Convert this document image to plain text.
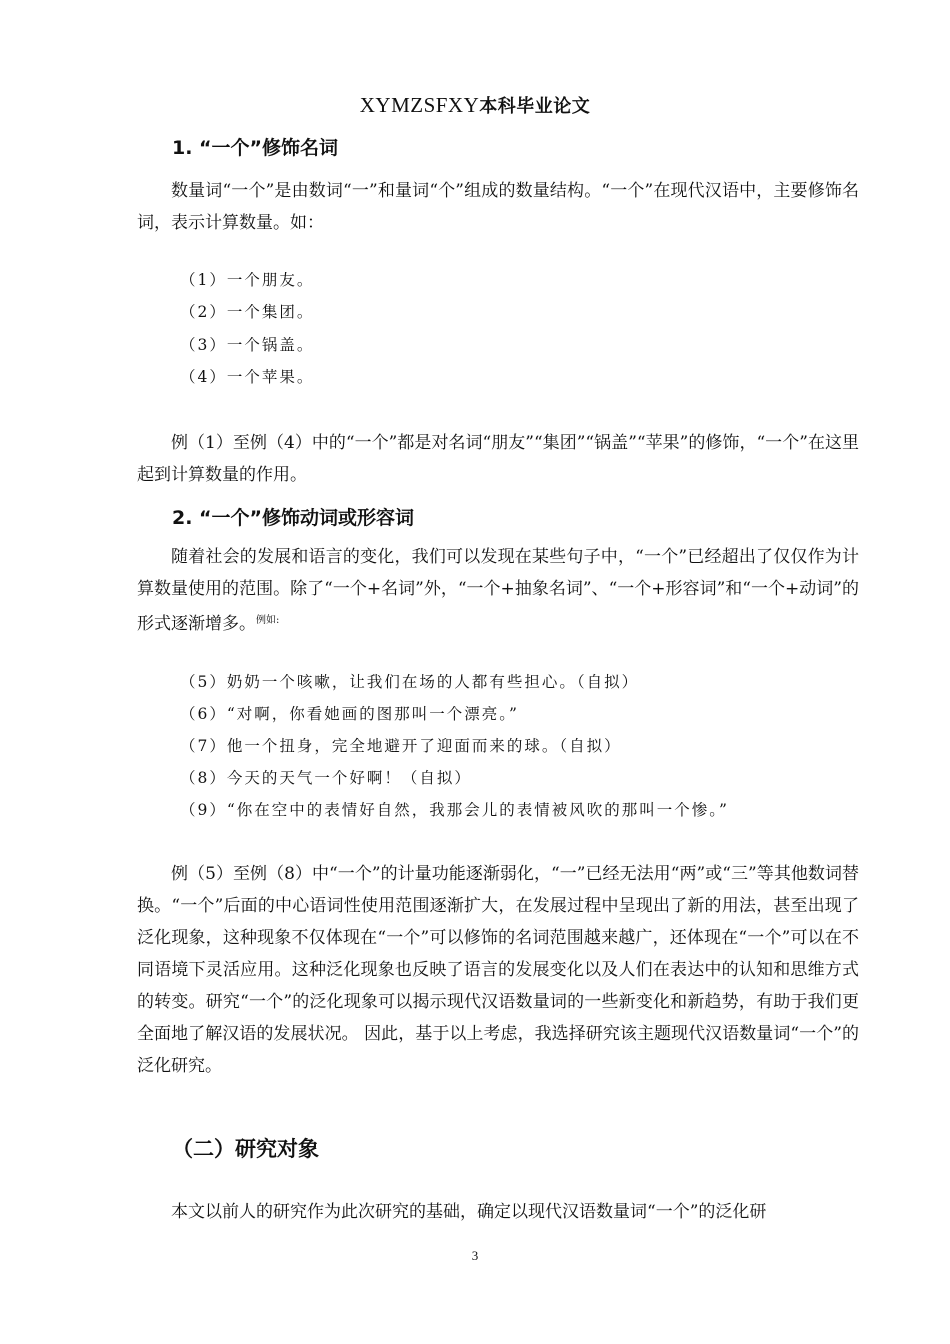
XYMZSFXY本科毕业论文
1. “一个”修饰名词

数量词“一个”是由数词“一”和量词“个”组成的数量结构。“一个”在现代汉语中，主要修饰名词，表示计算数量。如：

（1）一个朋友。
（2）一个集团。
（3）一个锅盖。
（4）一个苹果。

例（1）至例（4）中的“一个”都是对名词“朋友”“集团”“锅盖”“苹果”的修饰，“一个”在这里起到计算数量的作用。

2. “一个”修饰动词或形容词

随着社会的发展和语言的变化，我们可以发现在某些句子中，“一个”已经超出了仅仅作为计算数量使用的范围。除了“一个+名词”外，“一个+抽象名词”、“一个+形容词”和“一个+动词”的形式逐渐增多。$^{例如:}$

（5）奶奶一个咳嗽，让我们在场的人都有些担心。（自拟）
（6）“对啊，你看她画的图那叫一个漂亮。”
（7）他一个扭身，完全地避开了迎面而来的球。（自拟）
（8）今天的天气一个好啊！（自拟）
（9）“你在空中的表情好自然，我那会儿的表情被风吹的那叫一个惨。”

例（5）至例（8）中“一个”的计量功能逐渐弱化，“一”已经无法用“两”或“三”等其他数词替换。“一个”后面的中心语词性使用范围逐渐扩大，在发展过程中呈现出了新的用法，甚至出现了泛化现象，这种现象不仅体现在“一个”可以修饰的名词范围越来越广，还体现在“一个”可以在不同语境下灵活应用。这种泛化现象也反映了语言的发展变化以及人们在表达中的认知和思维方式的转变。研究“一个”的泛化现象可以揭示现代汉语数量词的一些新变化和新趋势，有助于我们更全面地了解汉语的发展状况。 因此，基于以上考虑，我选择研究该主题现代汉语数量词“一个”的泛化研究。

（二）研究对象

本文以前人的研究作为此次研究的基础，确定以现代汉语数量词“一个”的泛化研

3
